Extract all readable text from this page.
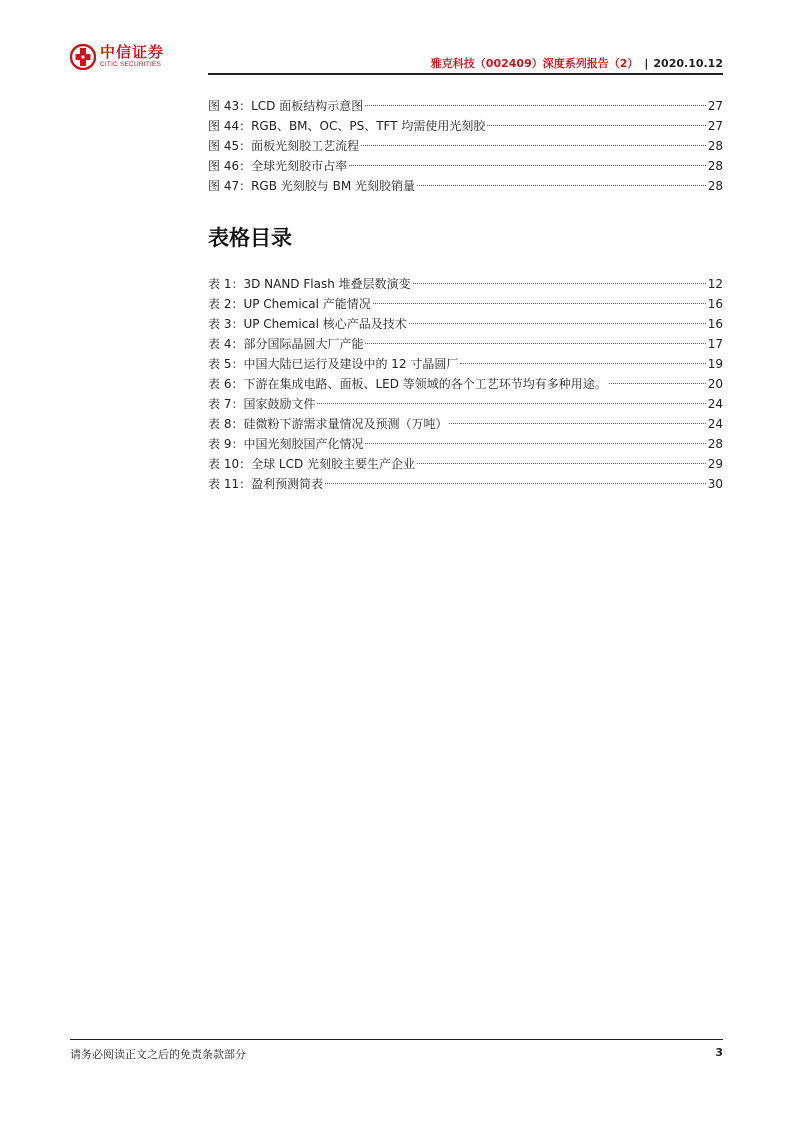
中信证券
CITIC SECURITIES	雅克科技（002409）深度系列报告（2） | 2020.10.12
图 43：LCD 面板结构示意图	27
图 44：RGB、BM、OC、PS、TFT 均需使用光刻胶	27
图 45：面板光刻胶工艺流程	28
图 46：全球光刻胶市占率	28
图 47：RGB 光刻胶与 BM 光刻胶销量	28
表格目录
表 1：3D NAND Flash 堆叠层数演变	12
表 2：UP Chemical 产能情况	16
表 3：UP Chemical 核心产品及技术	16
表 4：部分国际晶圆大厂产能	17
表 5：中国大陆已运行及建设中的 12 寸晶圆厂	19
表 6：下游在集成电路、面板、LED 等领域的各个工艺环节均有多种用途。	20
表 7：国家鼓励文件	24
表 8：硅微粉下游需求量情况及预测（万吨）	24
表 9：中国光刻胶国产化情况	28
表 10：全球 LCD 光刻胶主要生产企业	29
表 11：盈利预测简表	30
请务必阅读正文之后的免责条款部分	3
